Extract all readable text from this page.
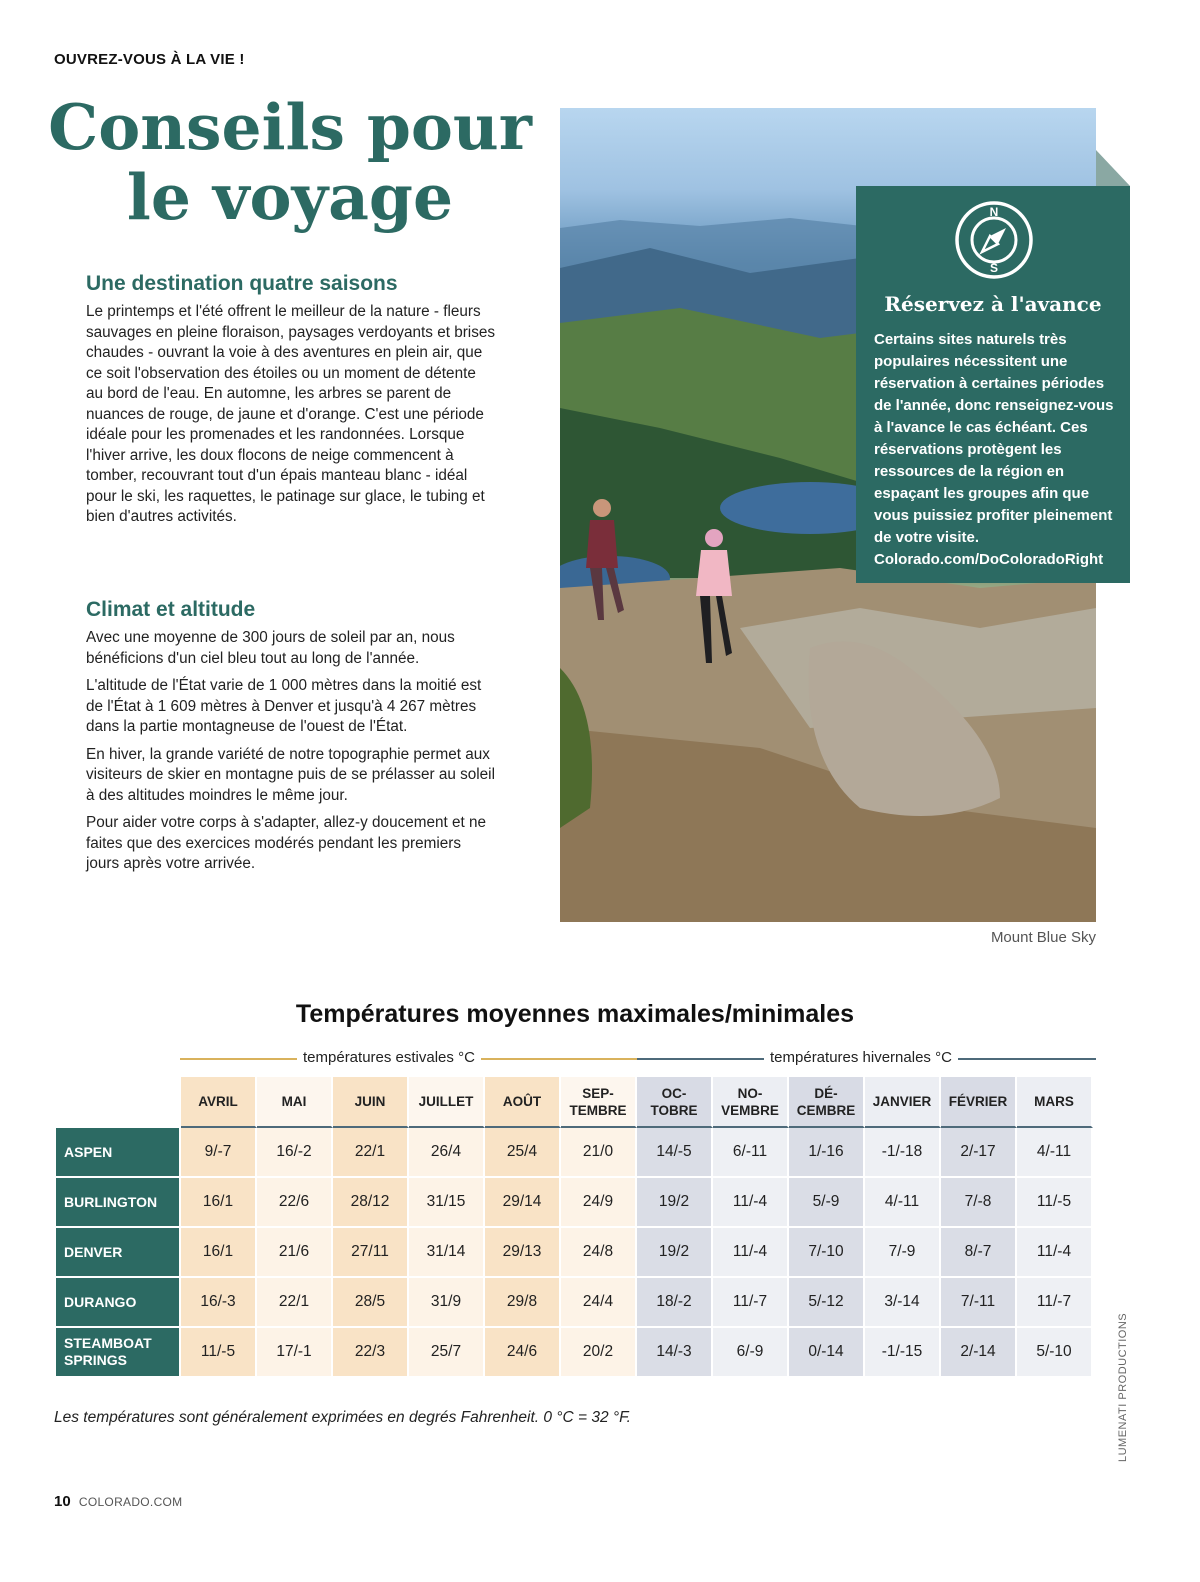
OUVREZ-VOUS À LA VIE !
Conseils pour
le voyage
Une destination quatre saisons

Le printemps et l'été offrent le meilleur de la nature - fleurs sauvages en pleine floraison, paysages verdoyants et brises chaudes - ouvrant la voie à des aventures en plein air, que ce soit l'observation des étoiles ou un moment de détente au bord de l'eau. En automne, les arbres se parent de nuances de rouge, de jaune et d'orange. C'est une période idéale pour les promenades et les randonnées. Lorsque l'hiver arrive, les doux flocons de neige commencent à tomber, recouvrant tout d'un épais manteau blanc - idéal pour le ski, les raquettes, le patinage sur glace, le tubing et bien d'autres activités.

Climat et altitude

Avec une moyenne de 300 jours de soleil par an, nous bénéficions d'un ciel bleu tout au long de l'année.

L'altitude de l'État varie de 1 000 mètres dans la moitié est de l'État à 1 609 mètres à Denver et jusqu'à 4 267 mètres dans la partie montagneuse de l'ouest de l'État.

En hiver, la grande variété de notre topographie permet aux visiteurs de skier en montagne puis de se prélasser au soleil à des altitudes moindres le même jour.

Pour aider votre corps à s'adapter, allez-y doucement et ne faites que des exercices modérés pendant les premiers jours après votre arrivée.

Mount Blue Sky
N
S
Réservez à l'avance

Certains sites naturels très populaires nécessitent une réservation à certaines périodes de l'année, donc renseignez-vous à l'avance le cas échéant. Ces réservations protègent les ressources de la région en espaçant les groupes afin que vous puissiez profiter pleinement de votre visite.
Colorado.com/DoColoradoRight

Températures moyennes maximales/minimales
températures estivales °C	températures hivernales °C
	AVRIL	MAI	JUIN	JUILLET	AOÛT	SEP-
TEMBRE	OC-
TOBRE	NO-
VEMBRE	DÉ-
CEMBRE	JANVIER	FÉVRIER	MARS
ASPEN	9/-7	16/-2	22/1	26/4	25/4	21/0	14/-5	6/-11	1/-16	-1/-18	2/-17	4/-11
BURLINGTON	16/1	22/6	28/12	31/15	29/14	24/9	19/2	11/-4	5/-9	4/-11	7/-8	11/-5
DENVER	16/1	21/6	27/11	31/14	29/13	24/8	19/2	11/-4	7/-10	7/-9	8/-7	11/-4
DURANGO	16/-3	22/1	28/5	31/9	29/8	24/4	18/-2	11/-7	5/-12	3/-14	7/-11	11/-7
STEAMBOAT
SPRINGS	11/-5	17/-1	22/3	25/7	24/6	20/2	14/-3	6/-9	0/-14	-1/-15	2/-14	5/-10
Les températures sont généralement exprimées en degrés Fahrenheit. 0 °C = 32 °F.	LUMENATI PRODUCTIONS
10 COLORADO.COM
